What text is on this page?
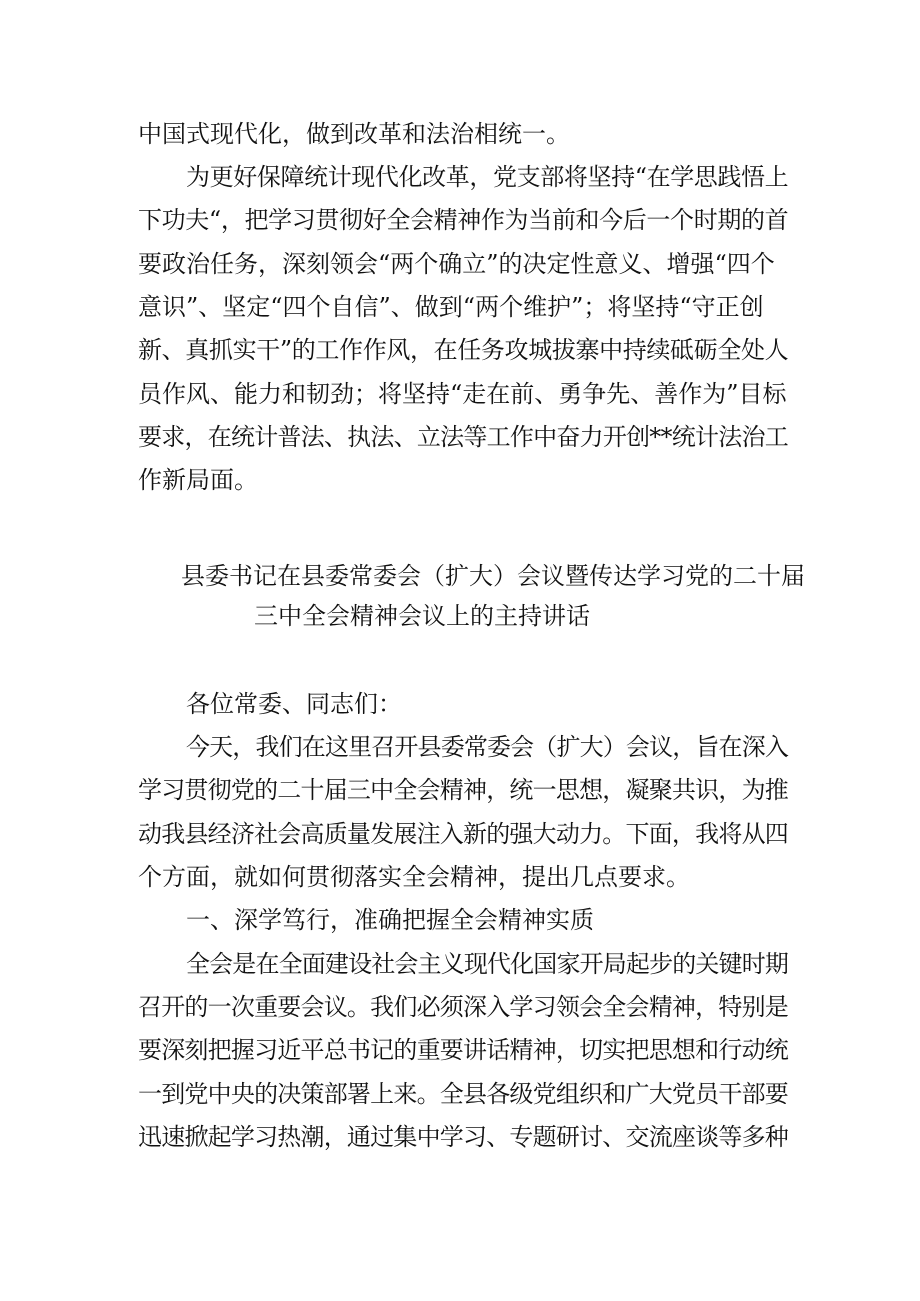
中国式现代化，做到改革和法治相统一。
为更好保障统计现代化改革，党支部将坚持“在学思践悟上
下功夫“，把学习贯彻好全会精神作为当前和今后一个时期的首
要政治任务，深刻领会“两个确立”的决定性意义、增强“四个
意识”、坚定“四个自信”、做到“两个维护”；将坚持“守正创
新、真抓实干”的工作作风，在任务攻城拔寨中持续砥砺全处人
员作风、能力和韧劲；将坚持“走在前、勇争先、善作为”目标
要求，在统计普法、执法、立法等工作中奋力开创**统计法治工
作新局面。
县委书记在县委常委会（扩大）会议暨传达学习党的二十届
三中全会精神会议上的主持讲话
各位常委、同志们：
今天，我们在这里召开县委常委会（扩大）会议，旨在深入
学习贯彻党的二十届三中全会精神，统一思想，凝聚共识，为推
动我县经济社会高质量发展注入新的强大动力。下面，我将从四
个方面，就如何贯彻落实全会精神，提出几点要求。
一、深学笃行，准确把握全会精神实质
全会是在全面建设社会主义现代化国家开局起步的关键时期
召开的一次重要会议。我们必须深入学习领会全会精神，特别是
要深刻把握习近平总书记的重要讲话精神，切实把思想和行动统
一到党中央的决策部署上来。全县各级党组织和广大党员干部要
迅速掀起学习热潮，通过集中学习、专题研讨、交流座谈等多种
